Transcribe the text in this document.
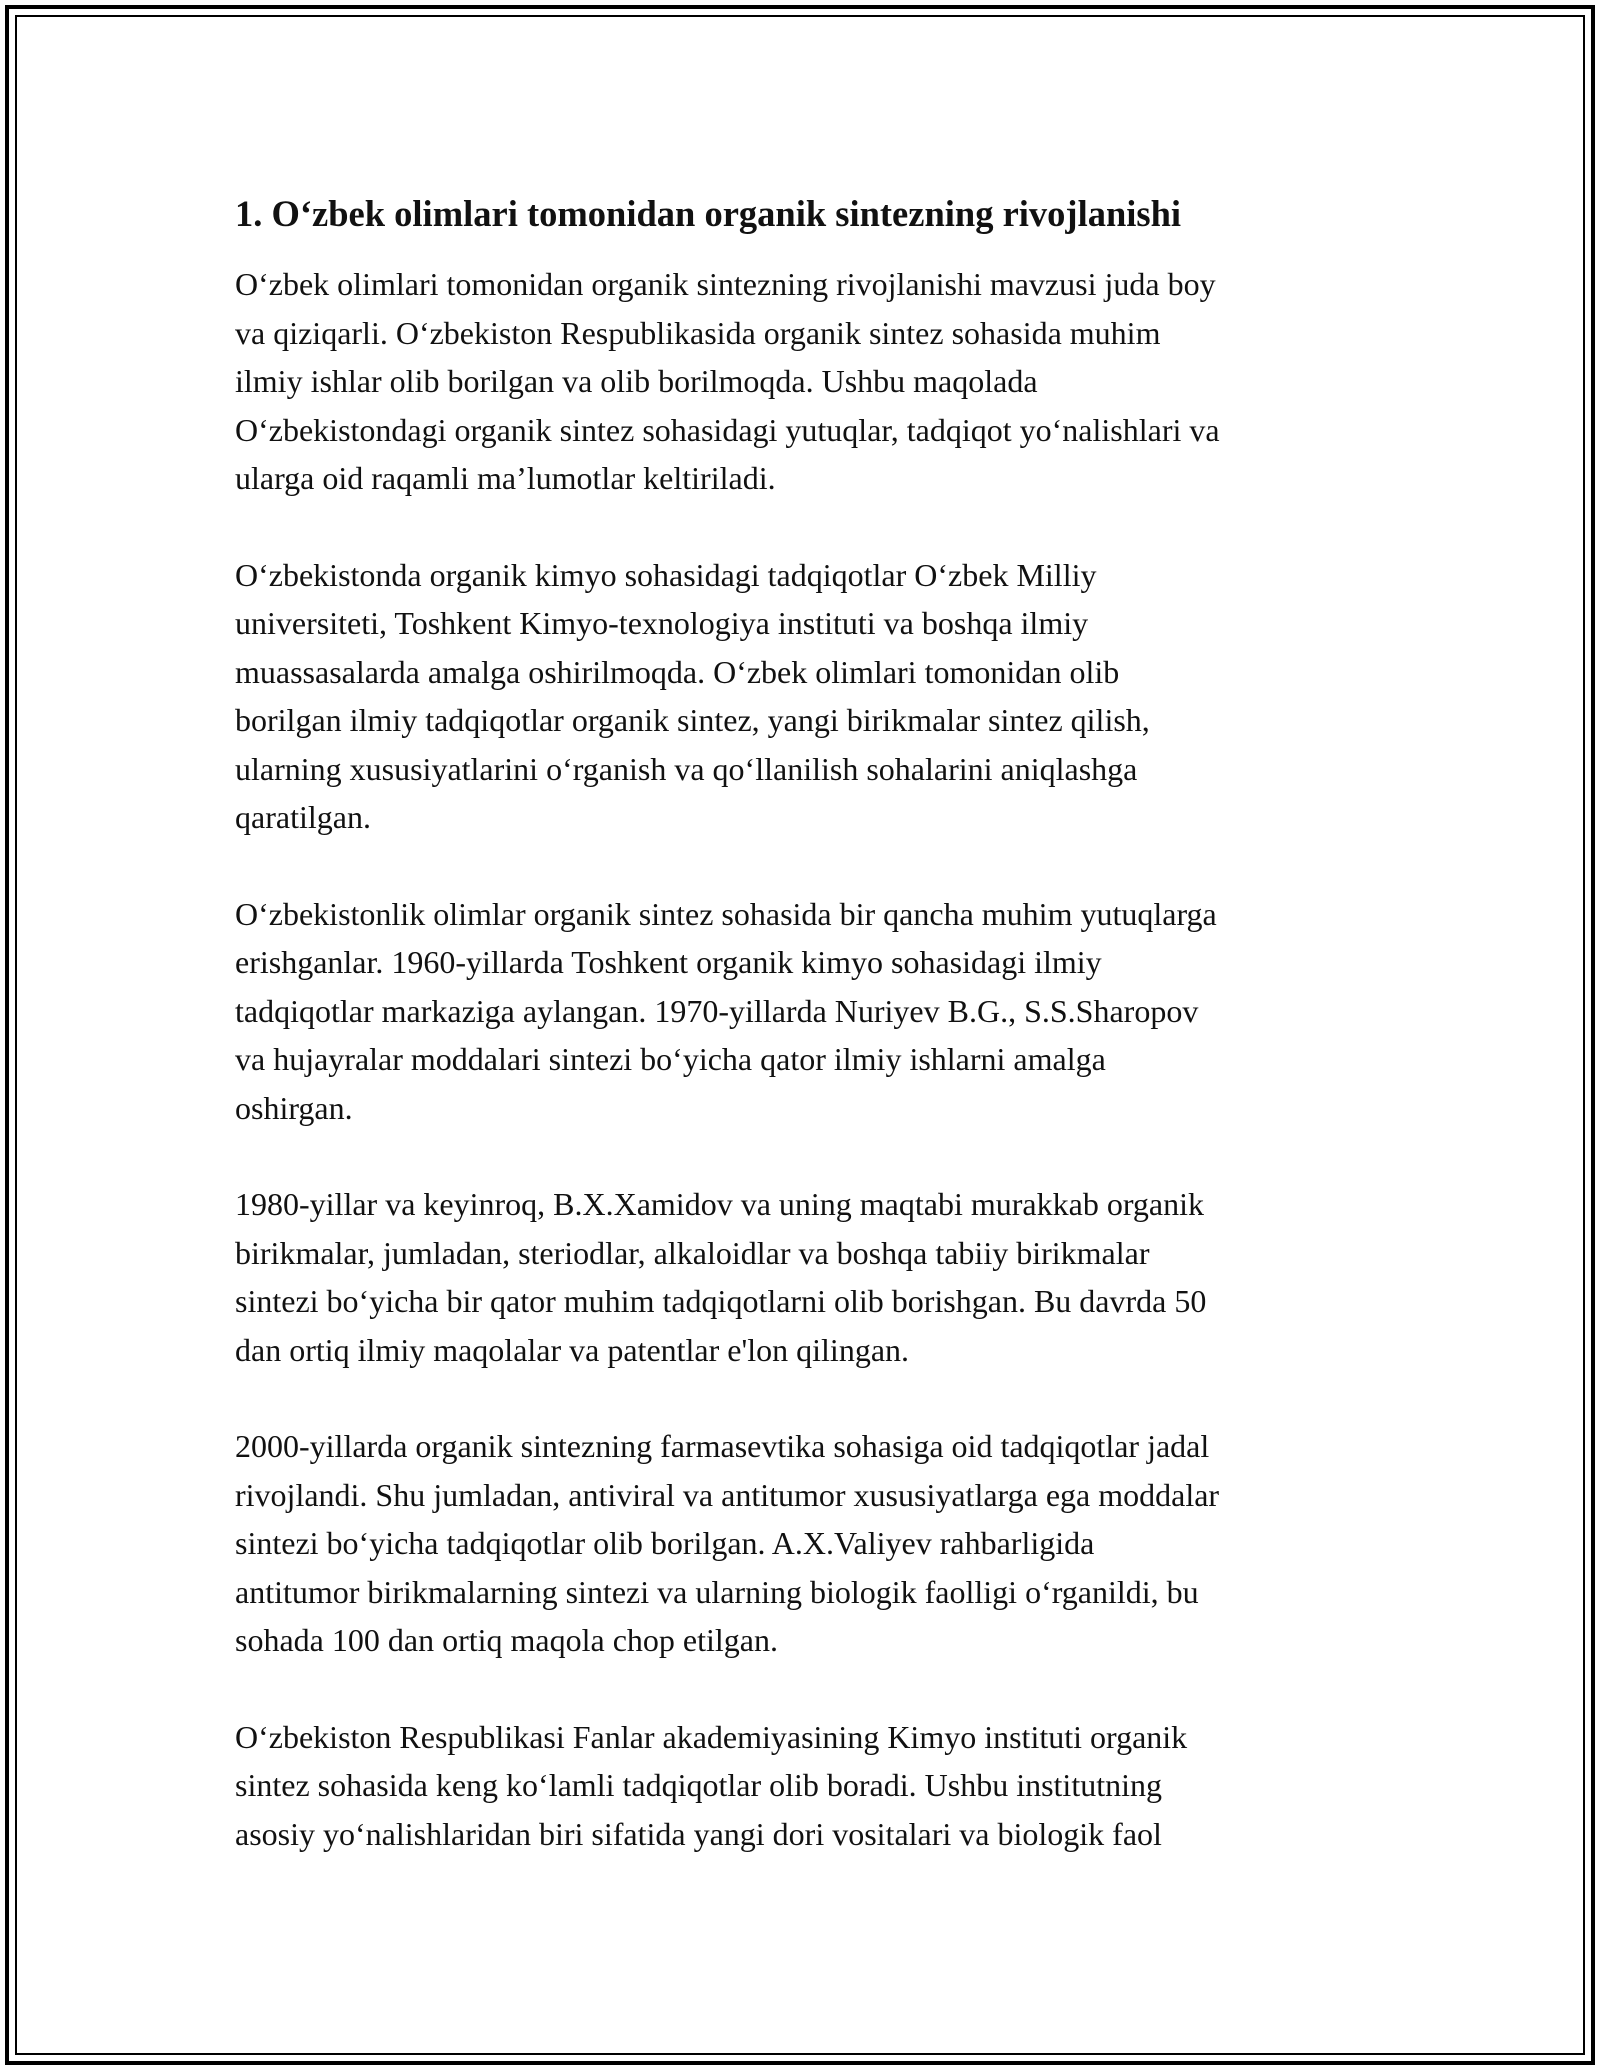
1. O‘zbek olimlari tomonidan organik sintezning rivojlanishi

O‘zbek olimlari tomonidan organik sintezning rivojlanishi mavzusi juda boy
va qiziqarli. O‘zbekiston Respublikasida organik sintez sohasida muhim
ilmiy ishlar olib borilgan va olib borilmoqda. Ushbu maqolada
O‘zbekistondagi organik sintez sohasidagi yutuqlar, tadqiqot yo‘nalishlari va
ularga oid raqamli ma’lumotlar keltiriladi.

O‘zbekistonda organik kimyo sohasidagi tadqiqotlar O‘zbek Milliy
universiteti, Toshkent Kimyo-texnologiya instituti va boshqa ilmiy
muassasalarda amalga oshirilmoqda. O‘zbek olimlari tomonidan olib
borilgan ilmiy tadqiqotlar organik sintez, yangi birikmalar sintez qilish,
ularning xususiyatlarini o‘rganish va qo‘llanilish sohalarini aniqlashga
qaratilgan.

O‘zbekistonlik olimlar organik sintez sohasida bir qancha muhim yutuqlarga
erishganlar. 1960-yillarda Toshkent organik kimyo sohasidagi ilmiy
tadqiqotlar markaziga aylangan. 1970-yillarda Nuriyev B.G., S.S.Sharopov
va hujayralar moddalari sintezi bo‘yicha qator ilmiy ishlarni amalga
oshirgan.

1980-yillar va keyinroq, B.X.Xamidov va uning maqtabi murakkab organik
birikmalar, jumladan, steriodlar, alkaloidlar va boshqa tabiiy birikmalar
sintezi bo‘yicha bir qator muhim tadqiqotlarni olib borishgan. Bu davrda 50
dan ortiq ilmiy maqolalar va patentlar e'lon qilingan.

2000-yillarda organik sintezning farmasevtika sohasiga oid tadqiqotlar jadal
rivojlandi. Shu jumladan, antiviral va antitumor xususiyatlarga ega moddalar
sintezi bo‘yicha tadqiqotlar olib borilgan. A.X.Valiyev rahbarligida
antitumor birikmalarning sintezi va ularning biologik faolligi o‘rganildi, bu
sohada 100 dan ortiq maqola chop etilgan.

O‘zbekiston Respublikasi Fanlar akademiyasining Kimyo instituti organik
sintez sohasida keng ko‘lamli tadqiqotlar olib boradi. Ushbu institutning
asosiy yo‘nalishlaridan biri sifatida yangi dori vositalari va biologik faol
